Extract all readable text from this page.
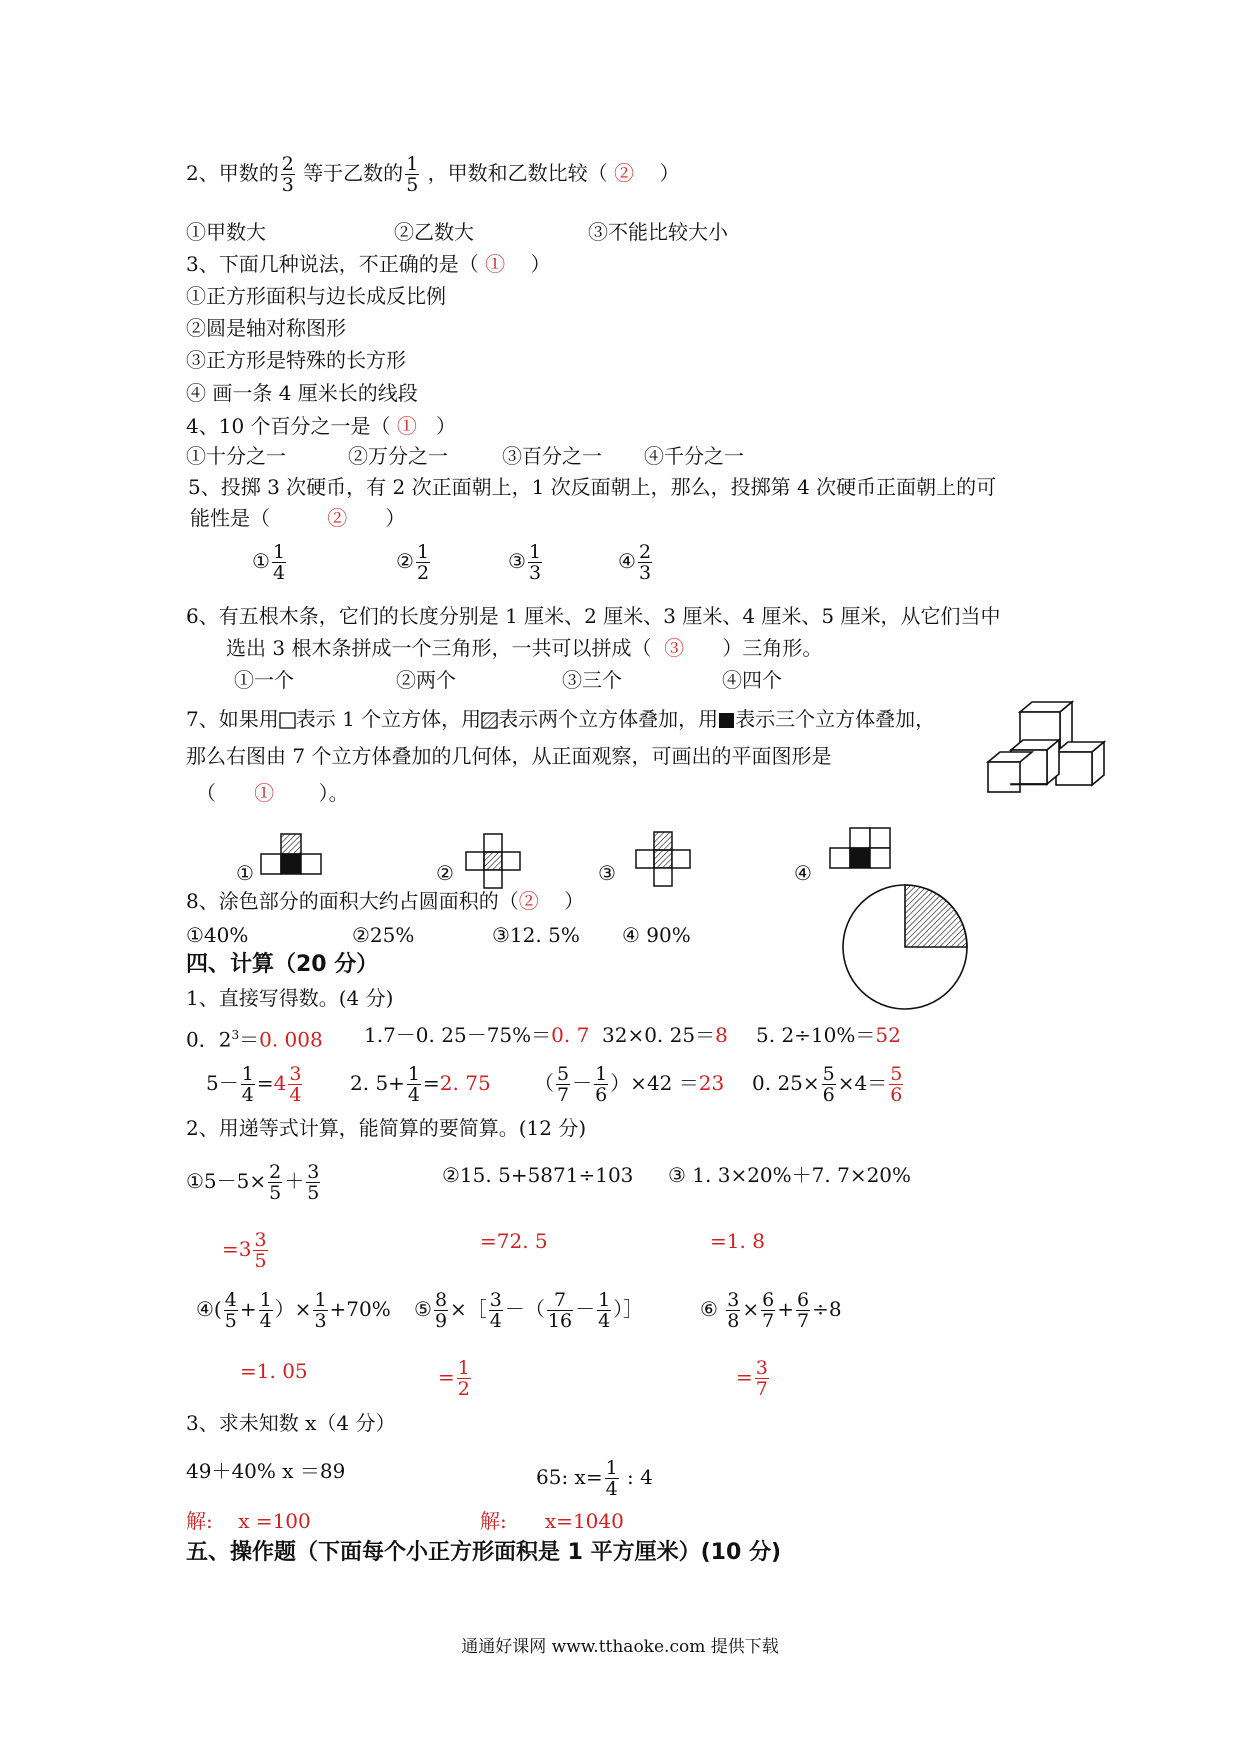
2、甲数的 $\frac{2}{3}$ 等于乙数的 $\frac{1}{5}$ ，甲数和乙数比较（ ② ）
①甲数大	②乙数大	③不能比较大小
3、下面几种说法，不正确的是（ ① ）
①正方形面积与边长成反比例
②圆是轴对称图形
③正方形是特殊的长方形
④ 画一条 4 厘米长的线段
4、10 个百分之一是（ ① ）
①十分之一	②万分之一	③百分之一 ④千分之一
5、投掷 3 次硬币，有 2 次正面朝上，1 次反面朝上，那么，投掷第 4 次硬币正面朝上的可
能性是（	② ）
① $\frac{1}{4}$	② $\frac{1}{2}$	③ $\frac{1}{3}$	④ $\frac{2}{3}$
6、有五根木条，它们的长度分别是 1 厘米、2 厘米、3 厘米、4 厘米、5 厘米，从它们当中
选出 3 根木条拼成一个三角形，一共可以拼成（ ③ ）三角形。
①一个	②两个	③三个	④四个
7、如果用 表示 1 个立方体，用 表示两个立方体叠加，用 表示三个立方体叠加，
那么右图由 7 个立方体叠加的几何体，从正面观察，可画出的平面图形是
（ ① ）。
①	②	③	④
8、涂色部分的面积大约占圆面积的（② ）
①40%	②25%	③12. 5% ④ 90%
四、计算（20 分）
1、直接写得数。(4 分)
0．$2^3=0$. 008 1.7－0. 25－75%＝0. 7 32×0. 25＝8 5. 2÷10%＝52
$5- \frac{1}{4} =4 \frac{3}{4} 2$. $5+ \frac{1}{4} =2$. 75 （ $\frac{5}{7} - \frac{1}{6} )\times 42 =23$ 0. $25\times \frac{5}{6} \times 4= \frac{5}{6}$
2、用递等式计算，能简算的要简算。(12 分)
①5－5× $\frac{2}{5} + \frac{3}{5}$	②15. 5+5871÷103 ③ 1. 3×20%＋7. 7×20%
$=3 \frac{3}{5}$	=72. 5	=1. 8
④( $\frac{4}{5} + \frac{1}{4}$ ）× $\frac{1}{3} +70\%$ ⑤ $\frac{8}{9}$ ×［ $\frac{3}{4}$ －（ $\frac{7}{16} - \frac{1}{4}$ ）］	⑥ $\frac{3}{8} \times \frac{6}{7} + \frac{6}{7} \div 8$
=1. 05	= $\frac{1}{2}$	= $\frac{3}{7}$
3、求未知数 x（4 分）
49＋40% x ＝89	65: $x= \frac{1}{4}$ : 4
解: x =100	解: x=1040
五、操作题（下面每个小正方形面积是 1 平方厘米）(10 分)
通通好课网 www.tthaoke.com 提供下载
